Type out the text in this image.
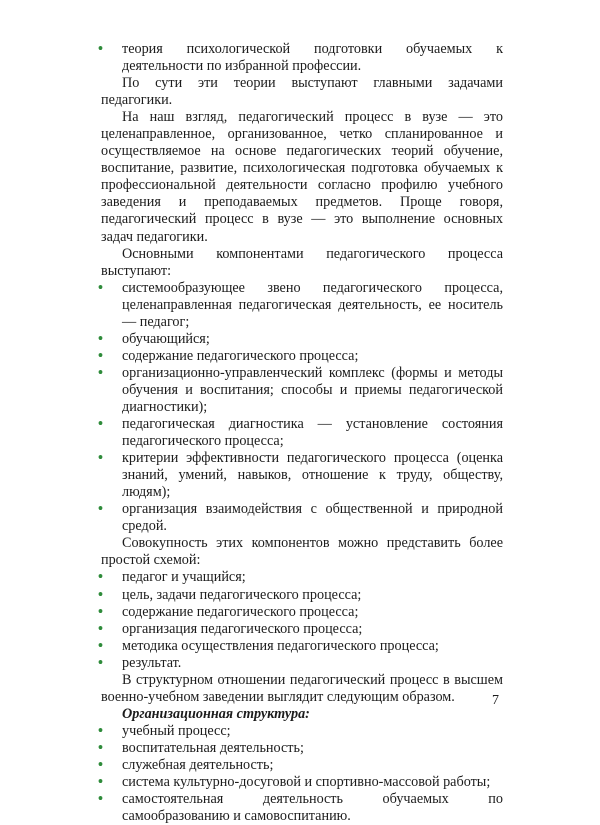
• теория психологической подготовки обучаемых к деятельности по избранной профессии.

По сути эти теории выступают главными задачами педагогики.

На наш взгляд, педагогический процесс в вузе — это целенаправленное, организованное, четко спланированное и осуществляемое на основе педагогических теорий обучение, воспитание, развитие, психологическая подготовка обучаемых к профессиональной деятельности согласно профилю учебного заведения и преподаваемых предметов. Проще говоря, педагогический процесс в вузе — это выполнение основных задач педагогики.

Основными компонентами педагогического процесса выступают:

• системообразующее звено педагогического процесса, целенаправленная педагогическая деятельность, ее носитель — педагог;

• обучающийся;

• содержание педагогического процесса;

• организационно-управленческий комплекс (формы и методы обучения и воспитания; способы и приемы педагогической диагностики);

• педагогическая диагностика — установление состояния педагогического процесса;

• критерии эффективности педагогического процесса (оценка знаний, умений, навыков, отношение к труду, обществу, людям);

• организация взаимодействия с общественной и природной средой.

Совокупность этих компонентов можно представить более простой схемой:

• педагог и учащийся;

• цель, задачи педагогического процесса;

• содержание педагогического процесса;

• организация педагогического процесса;

• методика осуществления педагогического процесса;

• результат.

В структурном отношении педагогический процесс в высшем военно-учебном заведении выглядит следующим образом.

Организационная структура:

• учебный процесс;

• воспитательная деятельность;

• служебная деятельность;

• система культурно-досуговой и спортивно-массовой работы;

• самостоятельная деятельность обучаемых по самообразованию и самовоспитанию.

7
